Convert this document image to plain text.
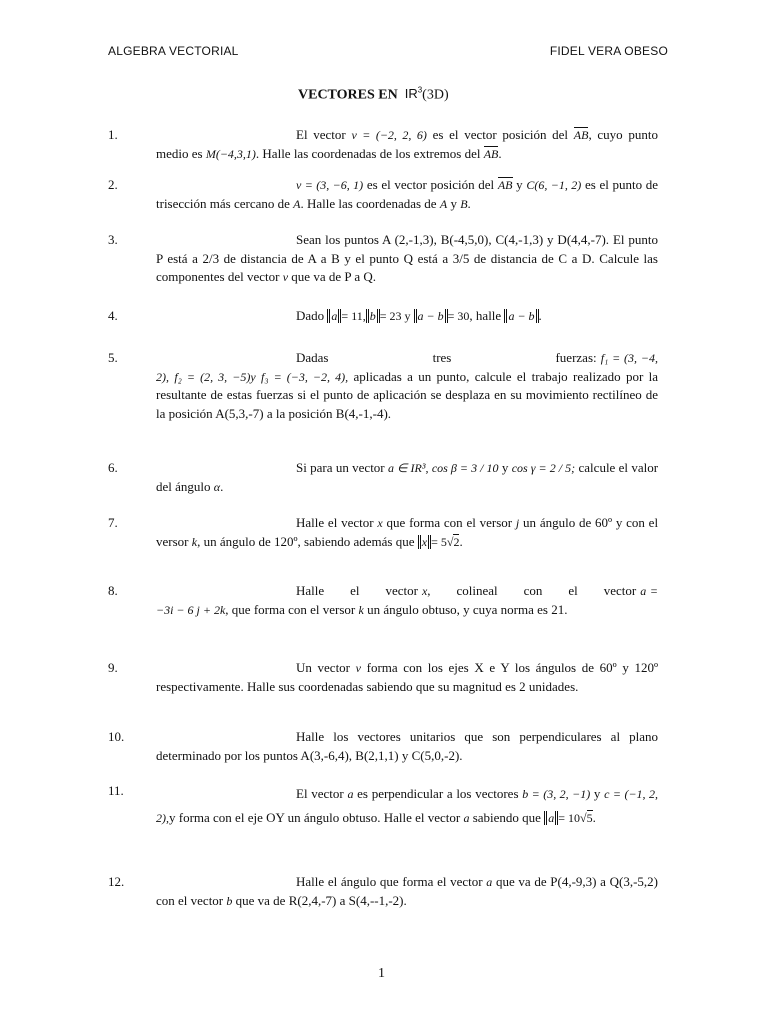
ALGEBRA VECTORIAL	FIDEL VERA OBESO
VECTORES EN $IR^3(3D)$
1.	El vector v = (−2, 2, 6) es el vector posición del AB, cuyo punto medio es M(−4,3,1). Halle las coordenadas de los extremos del AB.
2.	v = (3, −6, 1) es el vector posición del AB y C(6, −1, 2) es el punto de trisección más cercano de A. Halle las coordenadas de A y B.
3.	Sean los puntos A (2,-1,3), B(-4,5,0), C(4,-1,3) y D(4,4,-7). El punto P está a 2/3 de distancia de A a B y el punto Q está a 3/5 de distancia de C a D. Calcule las componentes del vector v que va de P a Q.
4.	Dado a = 11, b = 23 y a − b = 30, halle a − b .
5.	Dadas tres fuerzas: f₁ = (3, −4, 2), f₂ = (2, 3, −5)y f₃ = (−3, −2, 4), aplicadas a un punto, calcule el trabajo realizado por la resultante de estas fuerzas si el punto de aplicación se desplaza en su movimiento rectilíneo de la posición A(5,3,-7) a la posición B(4,-1,-4).
6.	Si para un vector a ∈ IR³, cos β = 3 / 10 y cos γ = 2 / 5; calcule el valor del ángulo α.
7.	Halle el vector x que forma con el versor j un ángulo de 60º y con el versor k, un ángulo de 120º, sabiendo además que x = 5√2.
8.	Halle el vector x, colineal con el vector a = −3i − 6 j + 2k, que forma con el versor k un ángulo obtuso, y cuya norma es 21.
9.	Un vector v forma con los ejes X e Y los ángulos de 60º y 120º respectivamente. Halle sus coordenadas sabiendo que su magnitud es 2 unidades.
10.	Halle los vectores unitarios que son perpendiculares al plano determinado por los puntos A(3,-6,4), B(2,1,1) y C(5,0,-2).
11.	El vector a es perpendicular a los vectores b = (3, 2, −1) y c = (−1, 2, 2),y forma con el eje OY un ángulo obtuso. Halle el vector a sabiendo que a = 10√5.
12.	Halle el ángulo que forma el vector a que va de P(4,-9,3) a Q(3,-5,2) con el vector b que va de R(2,4,-7) a S(4,--1,-2).
1
